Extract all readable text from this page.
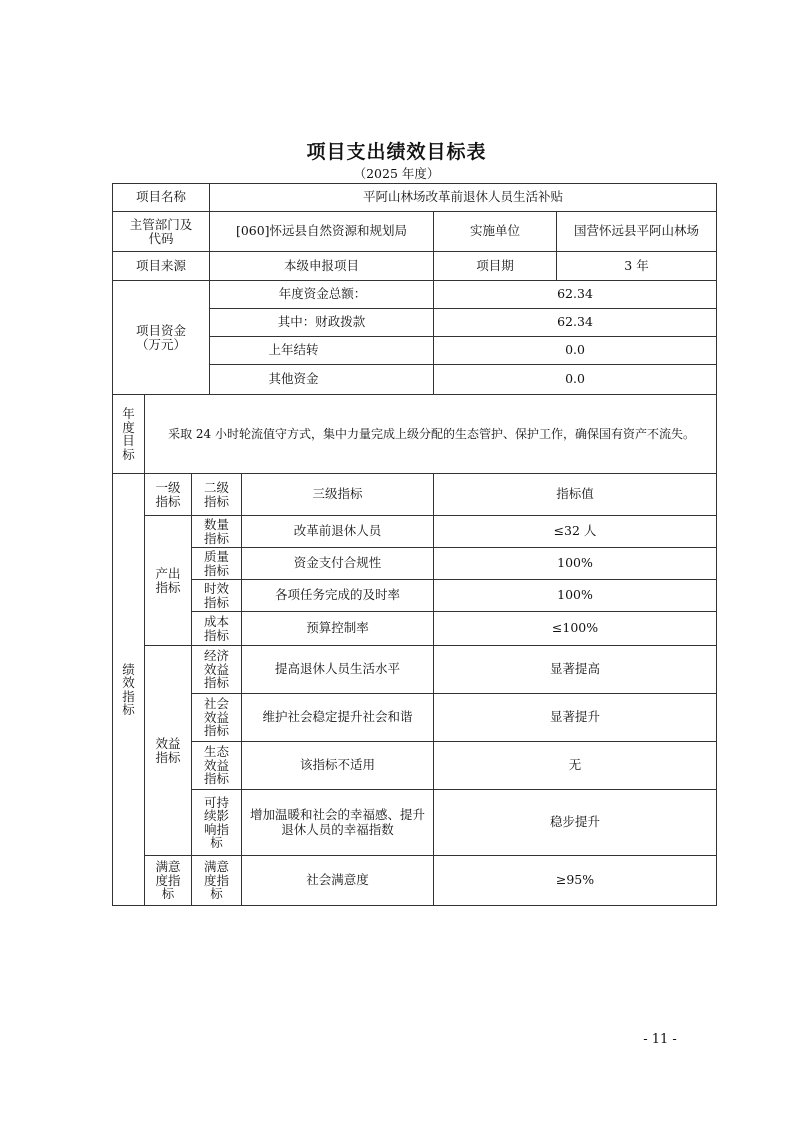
项目支出绩效目标表
（2025 年度）
项目名称			平阿山林场改革前退休人员生活补贴			
主管部门及代码			[060]怀远县自然资源和规划局		实施单位	国营怀远县平阿山林场
项目来源			本级申报项目		项目期	3 年
项目资金（万元）			年度资金总额：		62.34	
			其中：财政拨款		62.34	
			上年结转		0.0	
			其他资金		0.0	
年度目标	采取 24 小时轮流值守方式，集中力量完成上级分配的生态管护、保护工作，确保国有资产不流失。					
绩效指标	一级指标	二级指标		三级指标	指标值	
	产出指标	数量指标		改革前退休人员	≤32 人	
		质量指标		资金支付合规性	100%	
		时效指标		各项任务完成的及时率	100%	
		成本指标		预算控制率	≤100%	
	效益指标	经济效益指标		提高退休人员生活水平	显著提高	
		社会效益指标		维护社会稳定提升社会和谐	显著提升	
		生态效益指标		该指标不适用	无	
		可持续影响指标		增加温暖和社会的幸福感、提升退休人员的幸福指数	稳步提升	
	满意度指标	满意度指标		社会满意度	≥95%	
- 11 -
